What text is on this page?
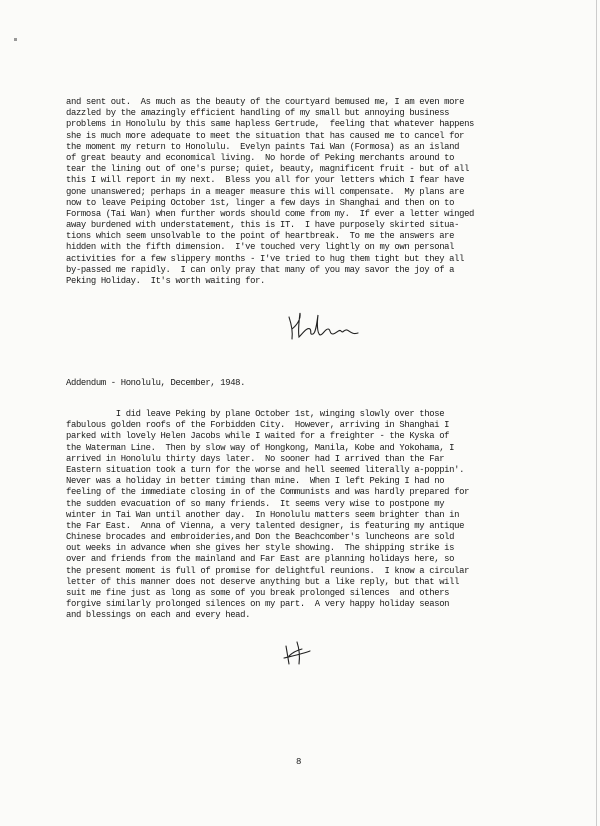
and sent out.  As much as the beauty of the courtyard bemused me, I am even more
dazzled by the amazingly efficient handling of my small but annoying business
problems in Honolulu by this same hapless Gertrude,  feeling that whatever happens
she is much more adequate to meet the situation that has caused me to cancel for
the moment my return to Honolulu.  Evelyn paints Tai Wan (Formosa) as an island
of great beauty and economical living.  No horde of Peking merchants around to
tear the lining out of one's purse; quiet, beauty, magnificent fruit - but of all
this I will report in my next.  Bless you all for your letters which I fear have
gone unanswered; perhaps in a meager measure this will compensate.  My plans are
now to leave Peiping October 1st, linger a few days in Shanghai and then on to
Formosa (Tai Wan) when further words should come from my.  If ever a letter winged
away burdened with understatement, this is IT.  I have purposely skirted situa-
tions which seem unsolvable to the point of heartbreak.  To me the answers are
hidden with the fifth dimension.  I've touched very lightly on my own personal
activities for a few slippery months - I've tried to hug them tight but they all
by-passed me rapidly.  I can only pray that many of you may savor the joy of a
Peking Holiday.  It's worth waiting for.
Addendum - Honolulu, December, 1948.
I did leave Peking by plane October 1st, winging slowly over those
fabulous golden roofs of the Forbidden City.  However, arriving in Shanghai I
parked with lovely Helen Jacobs while I waited for a freighter - the Kyska of
the Waterman Line.  Then by slow way of Hongkong, Manila, Kobe and Yokohama, I
arrived in Honolulu thirty days later.  No sooner had I arrived than the Far
Eastern situation took a turn for the worse and hell seemed literally a-poppin'.
Never was a holiday in better timing than mine.  When I left Peking I had no
feeling of the immediate closing in of the Communists and was hardly prepared for
the sudden evacuation of so many friends.  It seems very wise to postpone my
winter in Tai Wan until another day.  In Honolulu matters seem brighter than in
the Far East.  Anna of Vienna, a very talented designer, is featuring my antique
Chinese brocades and embroideries,and Don the Beachcomber's luncheons are sold
out weeks in advance when she gives her style showing.  The shipping strike is
over and friends from the mainland and Far East are planning holidays here, so
the present moment is full of promise for delightful reunions.  I know a circular
letter of this manner does not deserve anything but a like reply, but that will
suit me fine just as long as some of you break prolonged silences  and others
forgive similarly prolonged silences on my part.  A very happy holiday season
and blessings on each and every head.
8
